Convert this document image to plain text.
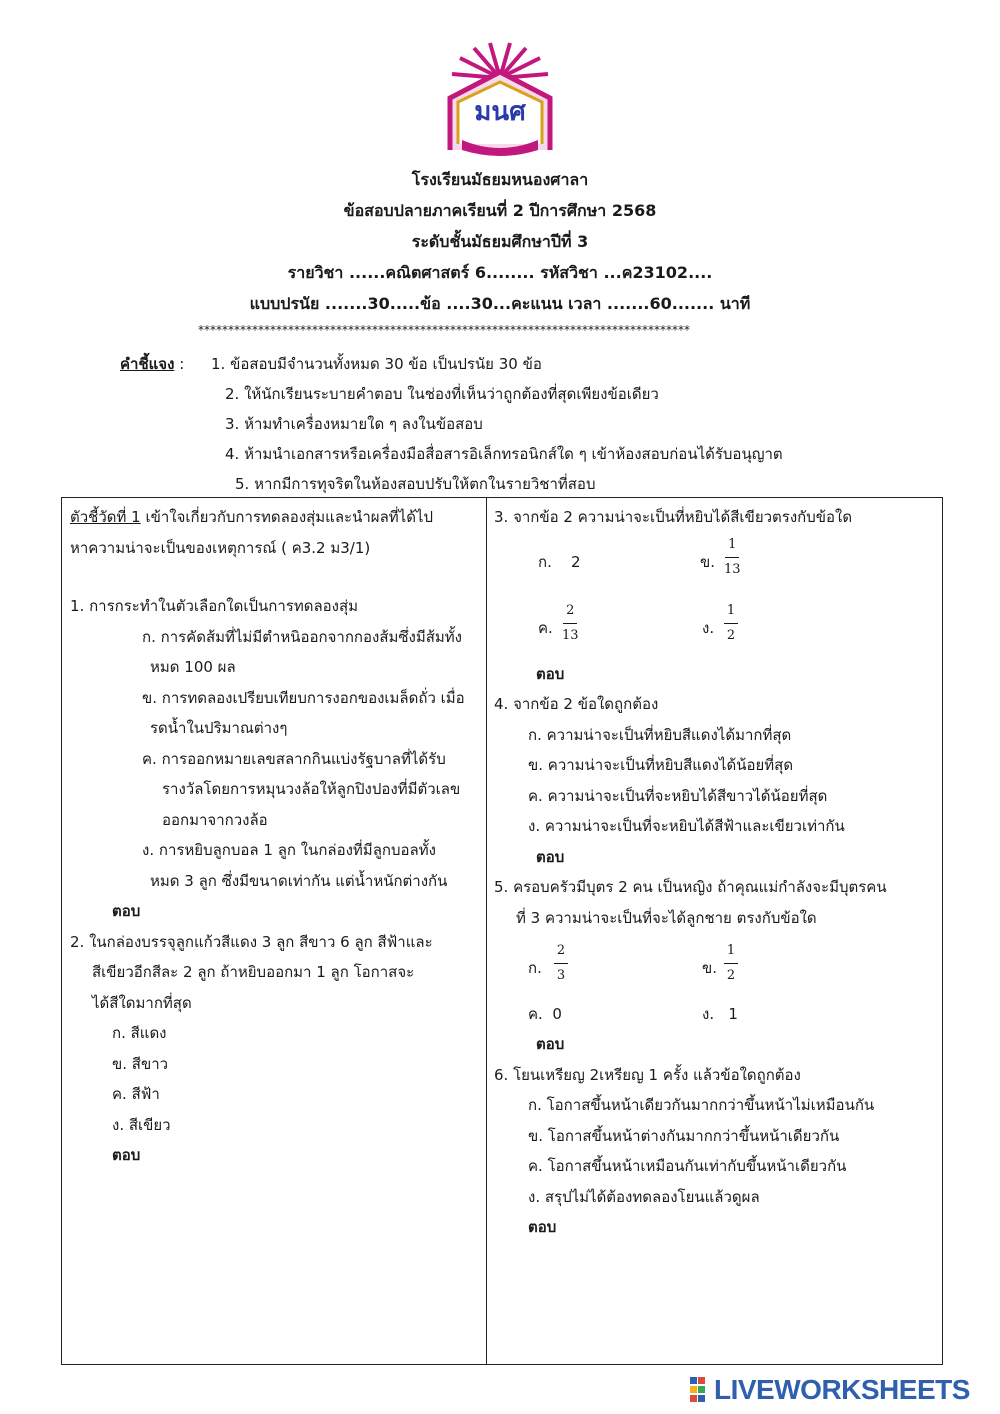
มนศ
โรงเรียนมัธยมหนองศาลา
ข้อสอบปลายภาคเรียนที่ 2 ปีการศึกษา 2568
ระดับชั้นมัธยมศึกษาปีที่ 3
รายวิชา ......คณิตศาสตร์ 6........ รหัสวิชา ...ค23102....
แบบปรนัย .......30.....ข้อ ....30...คะแนน เวลา .......60....... นาที
**********************************************************************************
คำชี้แจง : 1. ข้อสอบมีจำนวนทั้งหมด 30 ข้อ เป็นปรนัย 30 ข้อ
2. ให้นักเรียนระบายคำตอบ ในช่องที่เห็นว่าถูกต้องที่สุดเพียงข้อเดียว
3. ห้ามทำเครื่องหมายใด ๆ ลงในข้อสอบ
4. ห้ามนำเอกสารหรือเครื่องมือสื่อสารอิเล็กทรอนิกส์ใด ๆ เข้าห้องสอบก่อนได้รับอนุญาต
5. หากมีการทุจริตในห้องสอบปรับให้ตกในรายวิชาที่สอบ

ตัวชี้วัดที่ 1 เข้าใจเกี่ยวกับการทดลองสุ่มและนำผลที่ได้ไป

หาความน่าจะเป็นของเหตุการณ์ ( ค3.2 ม3/1)

1. การกระทำในตัวเลือกใดเป็นการทดลองสุ่ม

ก. การคัดส้มที่ไม่มีตำหนิออกจากกองส้มซึ่งมีส้มทั้ง

หมด 100 ผล

ข. การทดลองเปรียบเทียบการงอกของเมล็ดถั่ว เมื่อ

รดน้ำในปริมาณต่างๆ

ค. การออกหมายเลขสลากกินแบ่งรัฐบาลที่ได้รับ

รางวัลโดยการหมุนวงล้อให้ลูกปิงปองที่มีตัวเลข

ออกมาจากวงล้อ

ง. การหยิบลูกบอล 1 ลูก ในกล่องที่มีลูกบอลทั้ง

หมด 3 ลูก ซึ่งมีขนาดเท่ากัน แต่น้ำหนักต่างกัน

ตอบ

2. ในกล่องบรรจุลูกแก้วสีแดง 3 ลูก สีขาว 6 ลูก สีฟ้าและ

สีเขียวอีกสีละ 2 ลูก ถ้าหยิบออกมา 1 ลูก โอกาสจะ

ได้สีใดมากที่สุด

ก. สีแดง

ข. สีขาว

ค. สีฟ้า

ง. สีเขียว

ตอบ

3. จากข้อ 2 ความน่าจะเป็นที่หยิบได้สีเขียวตรงกับข้อใด

ก. 2	ข.
1
13
ค.
2
13	ง.
1
2

ตอบ

4. จากข้อ 2 ข้อใดถูกต้อง

ก. ความน่าจะเป็นที่หยิบสีแดงได้มากที่สุด

ข. ความน่าจะเป็นที่หยิบสีแดงได้น้อยที่สุด

ค. ความน่าจะเป็นที่จะหยิบได้สีขาวได้น้อยที่สุด

ง. ความน่าจะเป็นที่จะหยิบได้สีฟ้าและเขียวเท่ากัน

ตอบ

5. ครอบครัวมีบุตร 2 คน เป็นหญิง ถ้าคุณแม่กำลังจะมีบุตรคน

ที่ 3 ความน่าจะเป็นที่จะได้ลูกชาย ตรงกับข้อใด

ก.
2
3	ข.
1
2
ค. 0	ง. 1

ตอบ

6. โยนเหรียญ 2เหรียญ 1 ครั้ง แล้วข้อใดถูกต้อง

ก. โอกาสขึ้นหน้าเดียวกันมากกว่าขึ้นหน้าไม่เหมือนกัน

ข. โอกาสขึ้นหน้าต่างกันมากกว่าขึ้นหน้าเดียวกัน

ค. โอกาสขึ้นหน้าเหมือนกันเท่ากับขึ้นหน้าเดียวกัน

ง. สรุปไม่ได้ต้องทดลองโยนแล้วดูผล

ตอบ

LIVEWORKSHEETS
